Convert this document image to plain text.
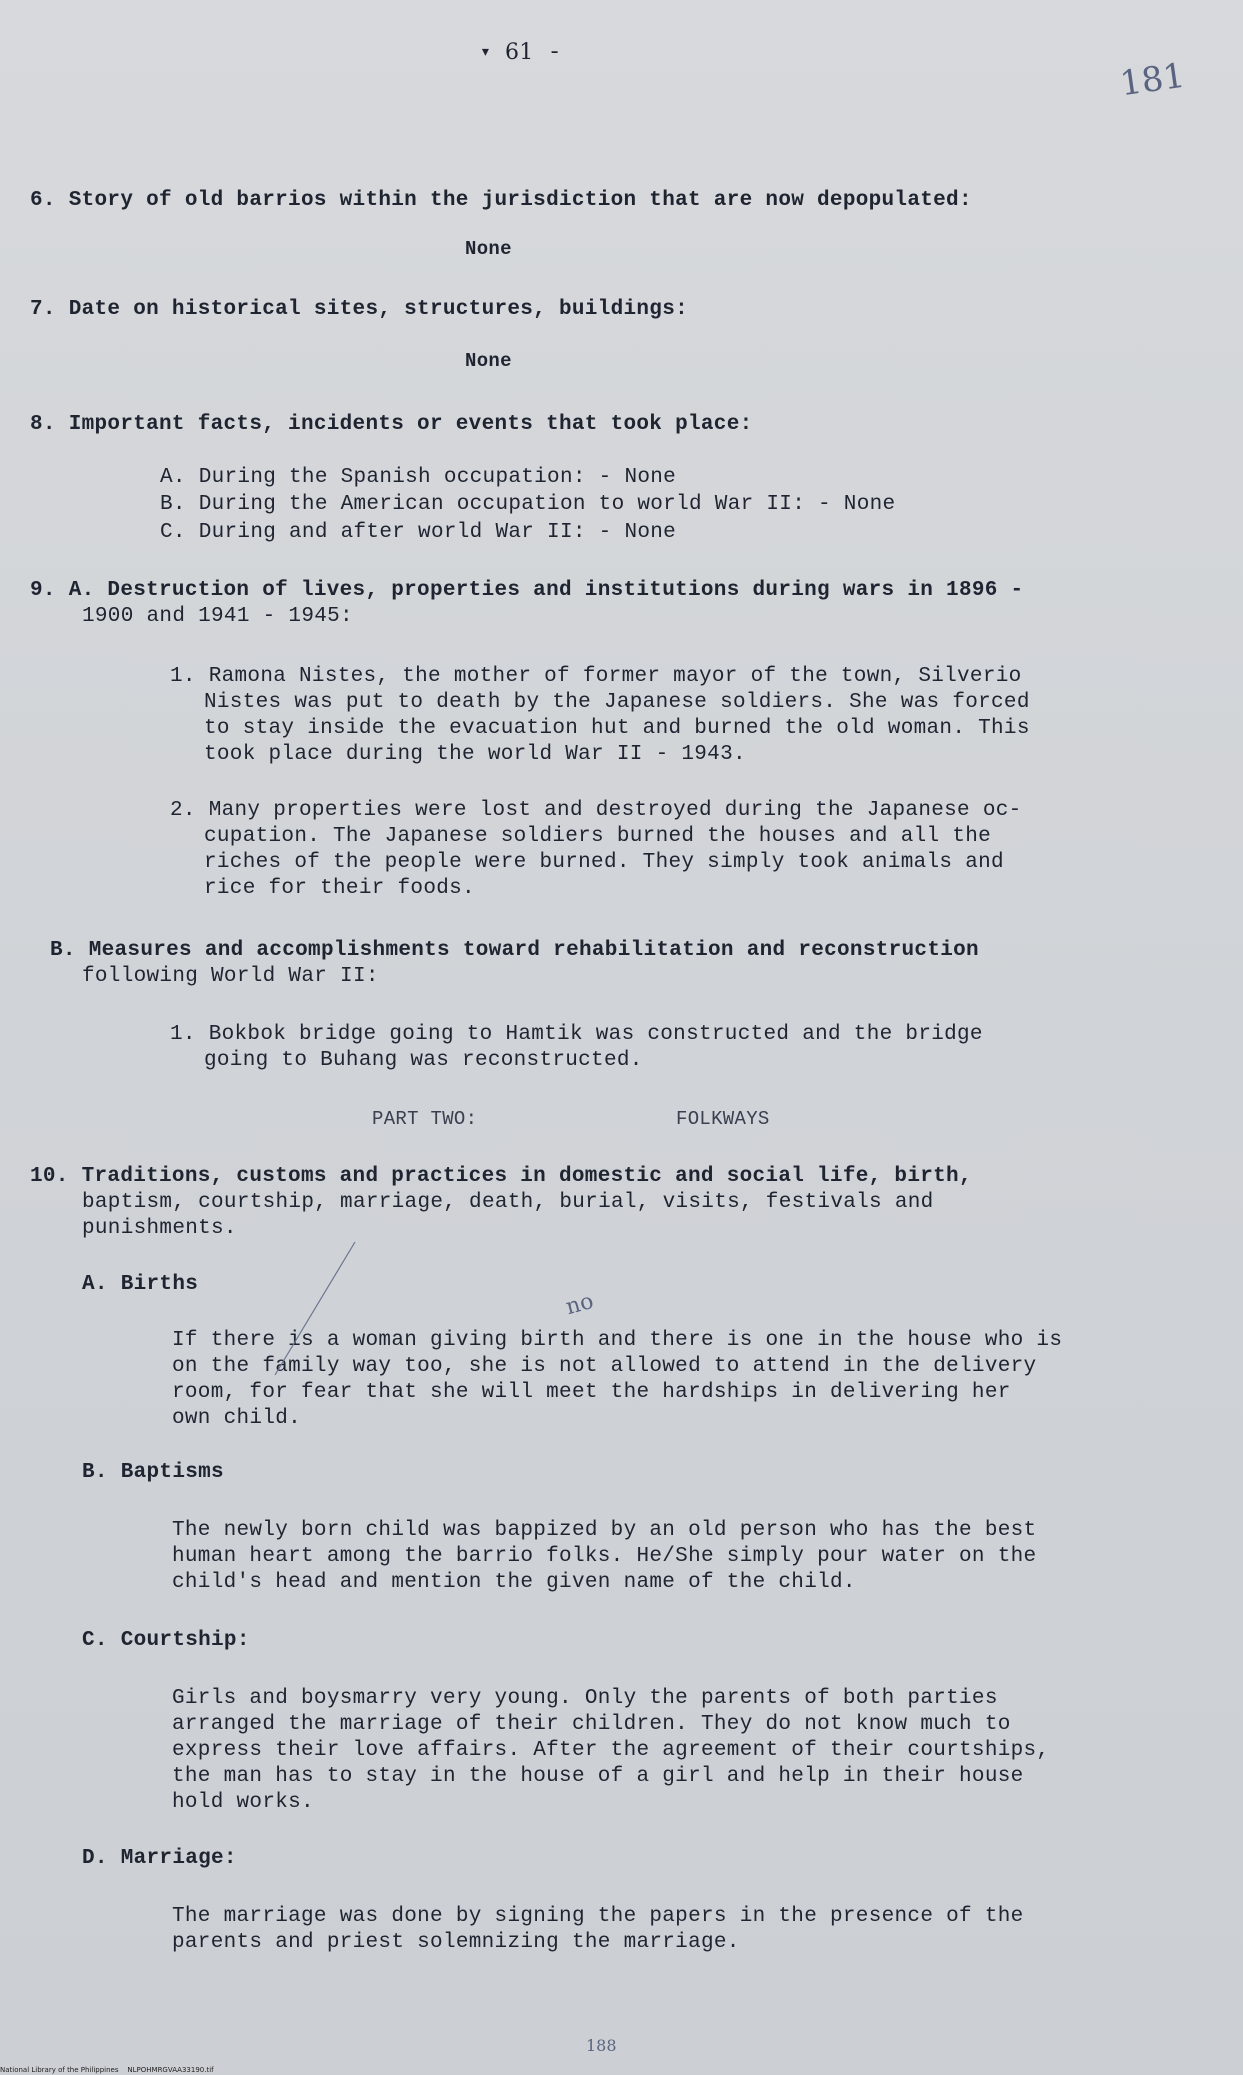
▾ 61 -
181
6. Story of old barrios within the jurisdiction that are now depopulated:
None
7. Date on historical sites, structures, buildings:
None
8. Important facts, incidents or events that took place:
A. During the Spanish occupation: - None
B. During the American occupation to world War II: - None
C. During and after world War II: - None
9. A. Destruction of lives, properties and institutions during wars in 1896 -
1900 and 1941 - 1945:
1. Ramona Nistes, the mother of former mayor of the town, Silverio
Nistes was put to death by the Japanese soldiers. She was forced
to stay inside the evacuation hut and burned the old woman. This
took place during the world War II - 1943.
2. Many properties were lost and destroyed during the Japanese oc-
cupation. The Japanese soldiers burned the houses and all the
riches of the people were burned. They simply took animals and
rice for their foods.
B. Measures and accomplishments toward rehabilitation and reconstruction
following World War II:
1. Bokbok bridge going to Hamtik was constructed and the bridge
going to Buhang was reconstructed.
PART TWO:	FOLKWAYS
10. Traditions, customs and practices in domestic and social life, birth,
baptism, courtship, marriage, death, burial, visits, festivals and
punishments.
A. Births
If there is a woman giving birth and there is one in the house who is
on the family way too, she is not allowed to attend in the delivery
room, for fear that she will meet the hardships in delivering her
own child.
no
B. Baptisms
The newly born child was bappized by an old person who has the best
human heart among the barrio folks. He/She simply pour water on the
child's head and mention the given name of the child.
C. Courtship:
Girls and boysmarry very young. Only the parents of both parties
arranged the marriage of their children. They do not know much to
express their love affairs. After the agreement of their courtships,
the man has to stay in the house of a girl and help in their house
hold works.
D. Marriage:
The marriage was done by signing the papers in the presence of the
parents and priest solemnizing the marriage.
188
National Library of the Philippines    NLPOHMRGVAA33190.tif
